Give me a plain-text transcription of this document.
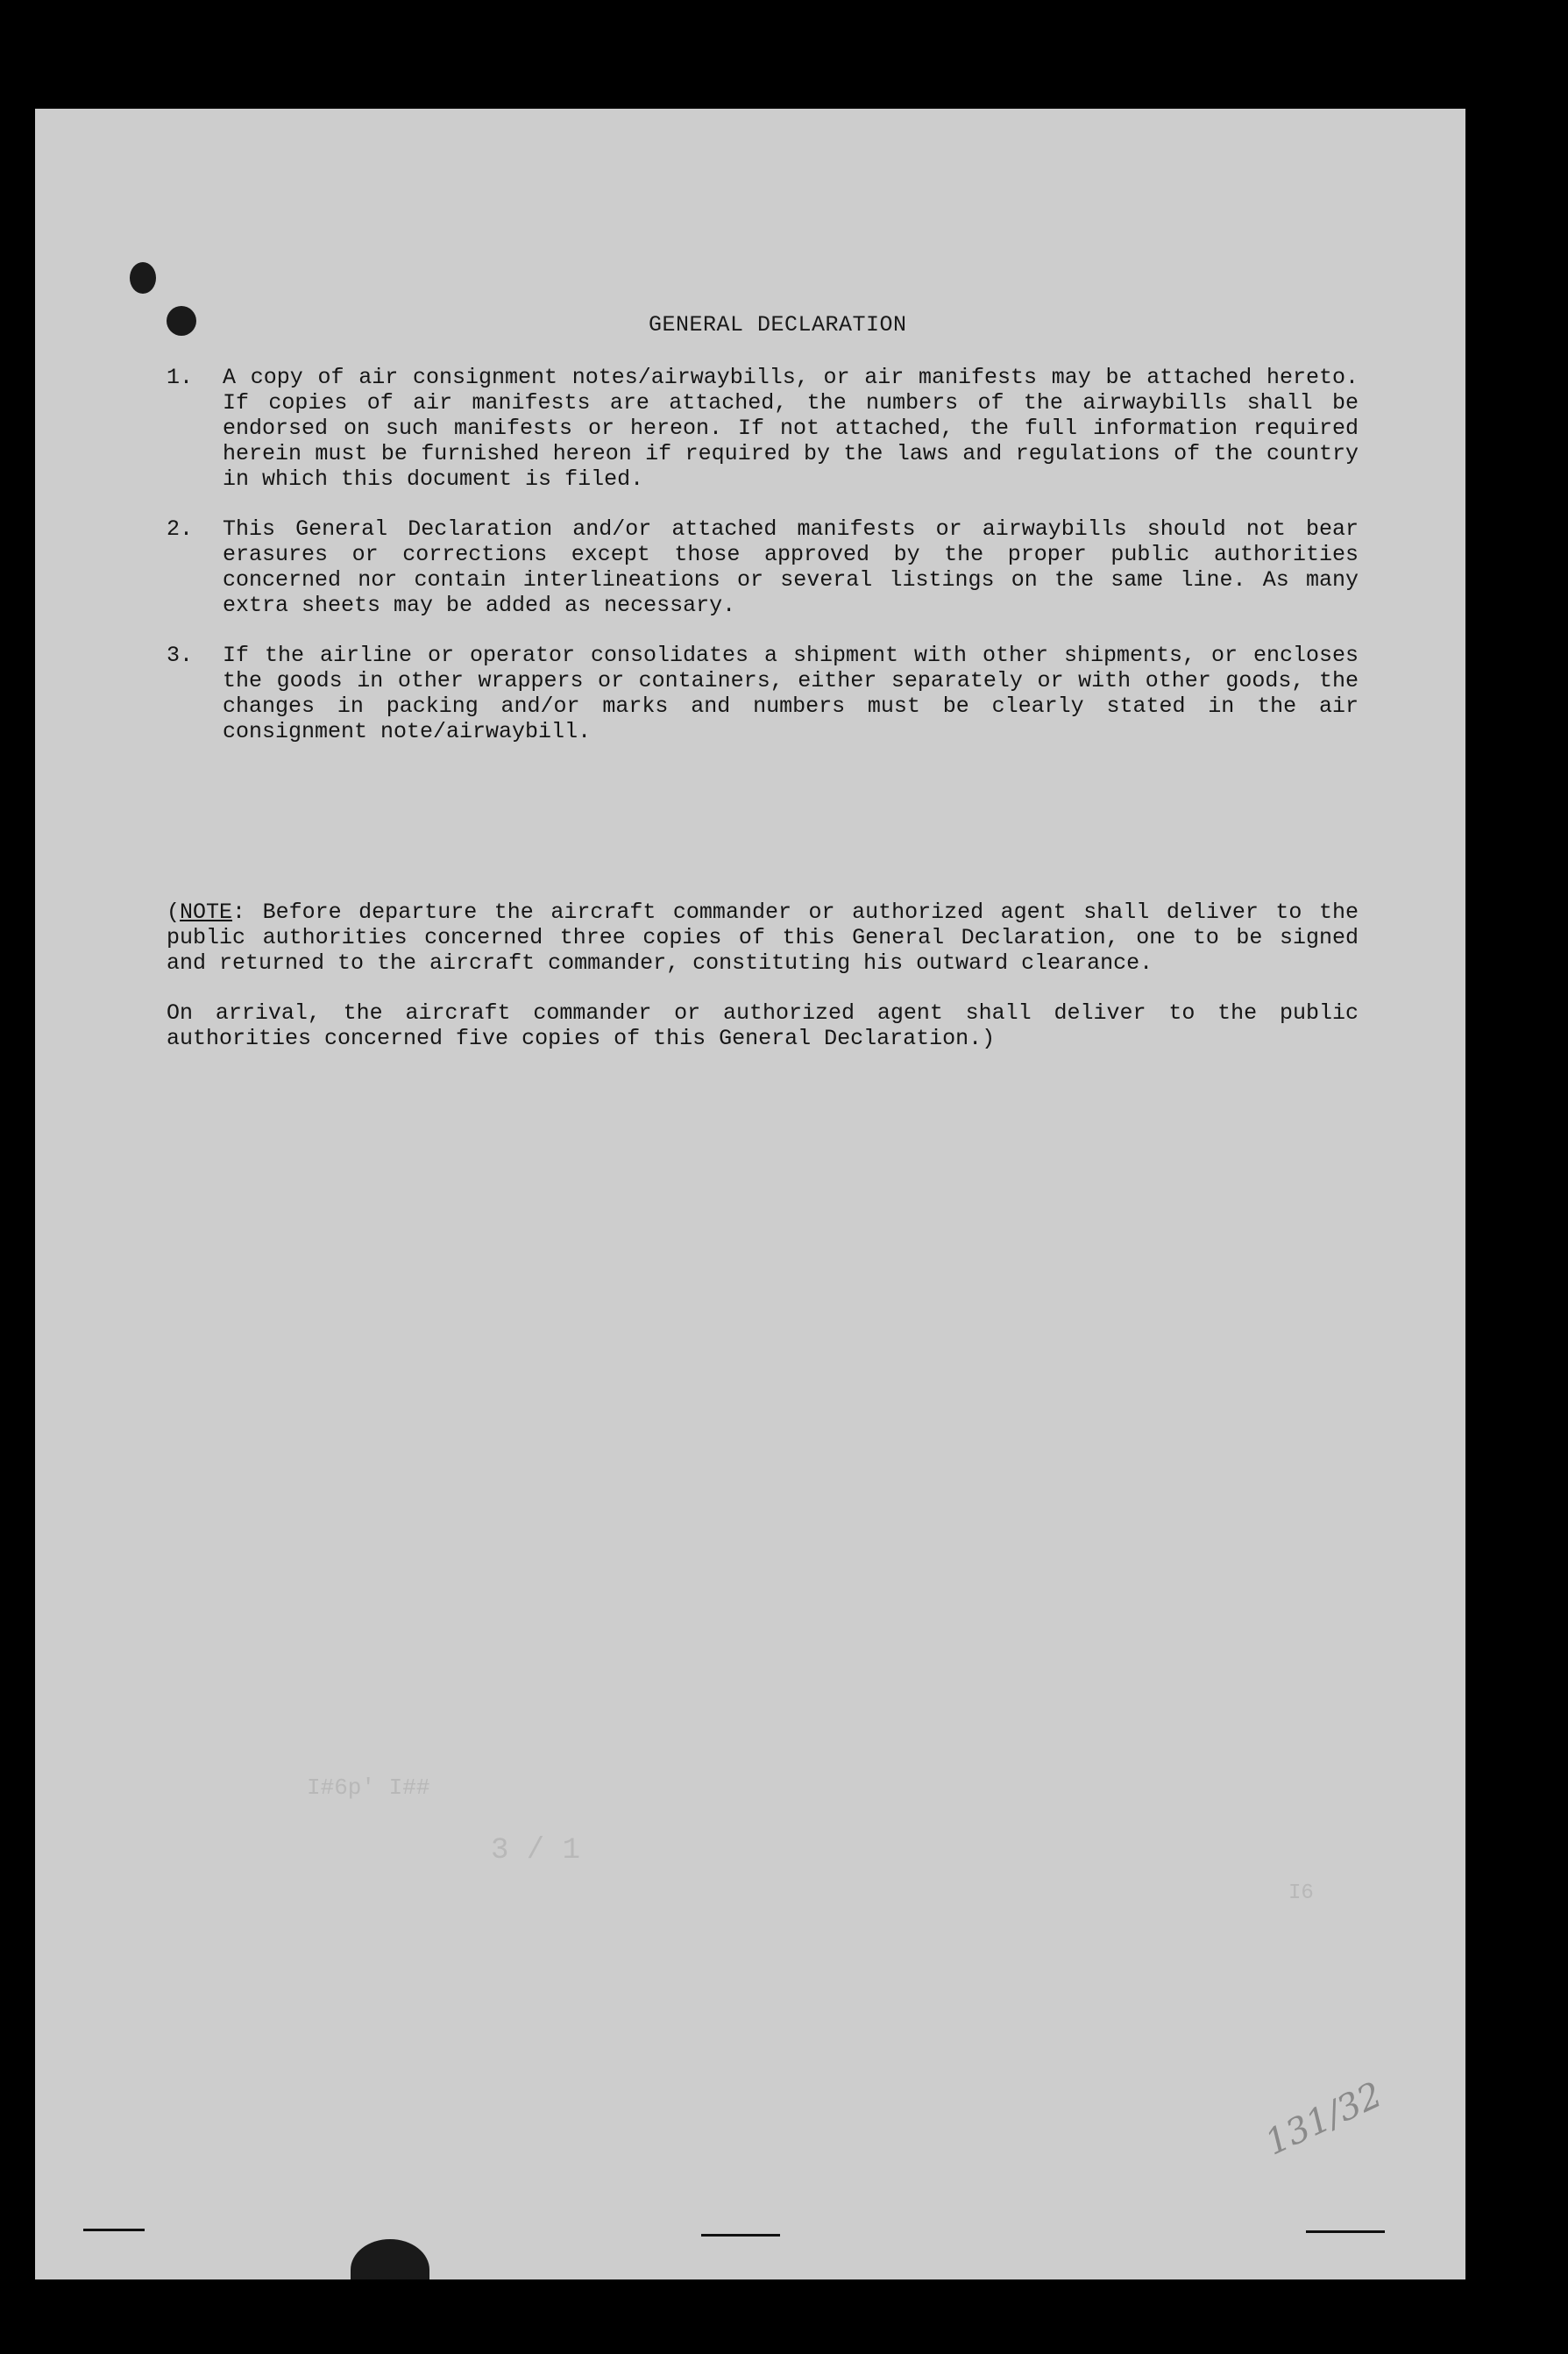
GENERAL DECLARATION
1.	A copy of air consignment notes/airwaybills, or air manifests may be attached hereto. If copies of air manifests are attached, the numbers of the airwaybills shall be endorsed on such manifests or hereon. If not attached, the full information required herein must be furnished hereon if required by the laws and regulations of the country in which this document is filed.
2.	This General Declaration and/or attached manifests or airwaybills should not bear erasures or corrections except those approved by the proper public authorities concerned nor contain interlineations or several listings on the same line. As many extra sheets may be added as necessary.
3.	If the airline or operator consolidates a shipment with other shipments, or encloses the goods in other wrappers or containers, either separately or with other goods, the changes in packing and/or marks and numbers must be clearly stated in the air consignment note/airwaybill.

(NOTE: Before departure the aircraft commander or authorized agent shall deliver to the public authorities concerned three copies of this General Declaration, one to be signed and returned to the aircraft commander, constituting his outward clearance.

On arrival, the aircraft commander or authorized agent shall deliver to the public authorities concerned five copies of this General Declaration.)

I#6p' I##
3 / 1
I6
131/32
